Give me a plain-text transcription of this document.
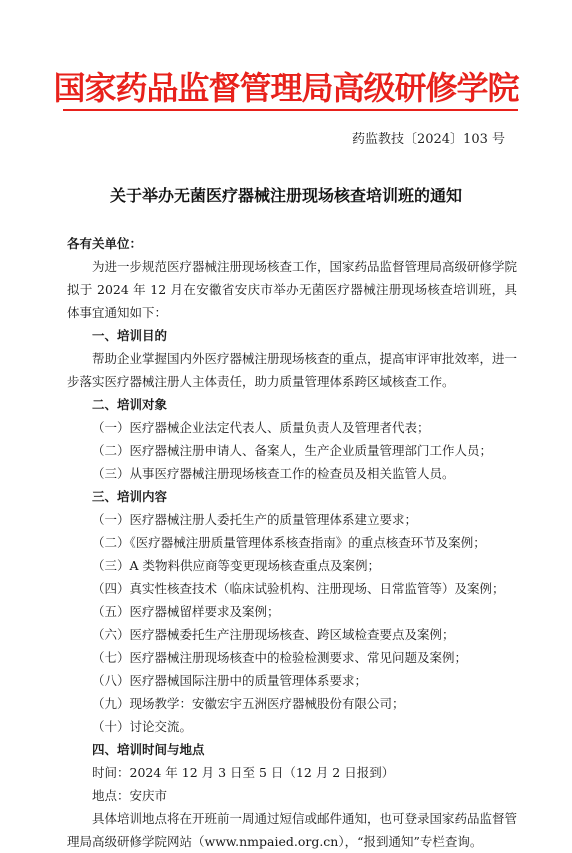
国家药品监督管理局高级研修学院
药监教技〔2024〕103 号
关于举办无菌医疗器械注册现场核查培训班的通知

各有关单位：

为进一步规范医疗器械注册现场核查工作，国家药品监督管理局高级研修学院拟于 2024 年 12 月在安徽省安庆市举办无菌医疗器械注册现场核查培训班，具体事宜通知如下：

一、培训目的

帮助企业掌握国内外医疗器械注册现场核查的重点，提高审评审批效率，进一步落实医疗器械注册人主体责任，助力质量管理体系跨区域核查工作。

二、培训对象

（一）医疗器械企业法定代表人、质量负责人及管理者代表；

（二）医疗器械注册申请人、备案人，生产企业质量管理部门工作人员；

（三）从事医疗器械注册现场核查工作的检查员及相关监管人员。

三、培训内容

（一）医疗器械注册人委托生产的质量管理体系建立要求；

（二）《医疗器械注册质量管理体系核查指南》的重点核查环节及案例；

（三）A 类物料供应商等变更现场核查重点及案例；

（四）真实性核查技术（临床试验机构、注册现场、日常监管等）及案例；

（五）医疗器械留样要求及案例；

（六）医疗器械委托生产注册现场核查、跨区域检查要点及案例；

（七）医疗器械注册现场核查中的检验检测要求、常见问题及案例；

（八）医疗器械国际注册中的质量管理体系要求；

（九）现场教学：安徽宏宇五洲医疗器械股份有限公司；

（十）讨论交流。

四、培训时间与地点

时间：2024 年 12 月 3 日至 5 日（12 月 2 日报到）

地点：安庆市

具体培训地点将在开班前一周通过短信或邮件通知，也可登录国家药品监督管理局高级研修学院网站（www.nmpaied.org.cn），“报到通知”专栏查询。
